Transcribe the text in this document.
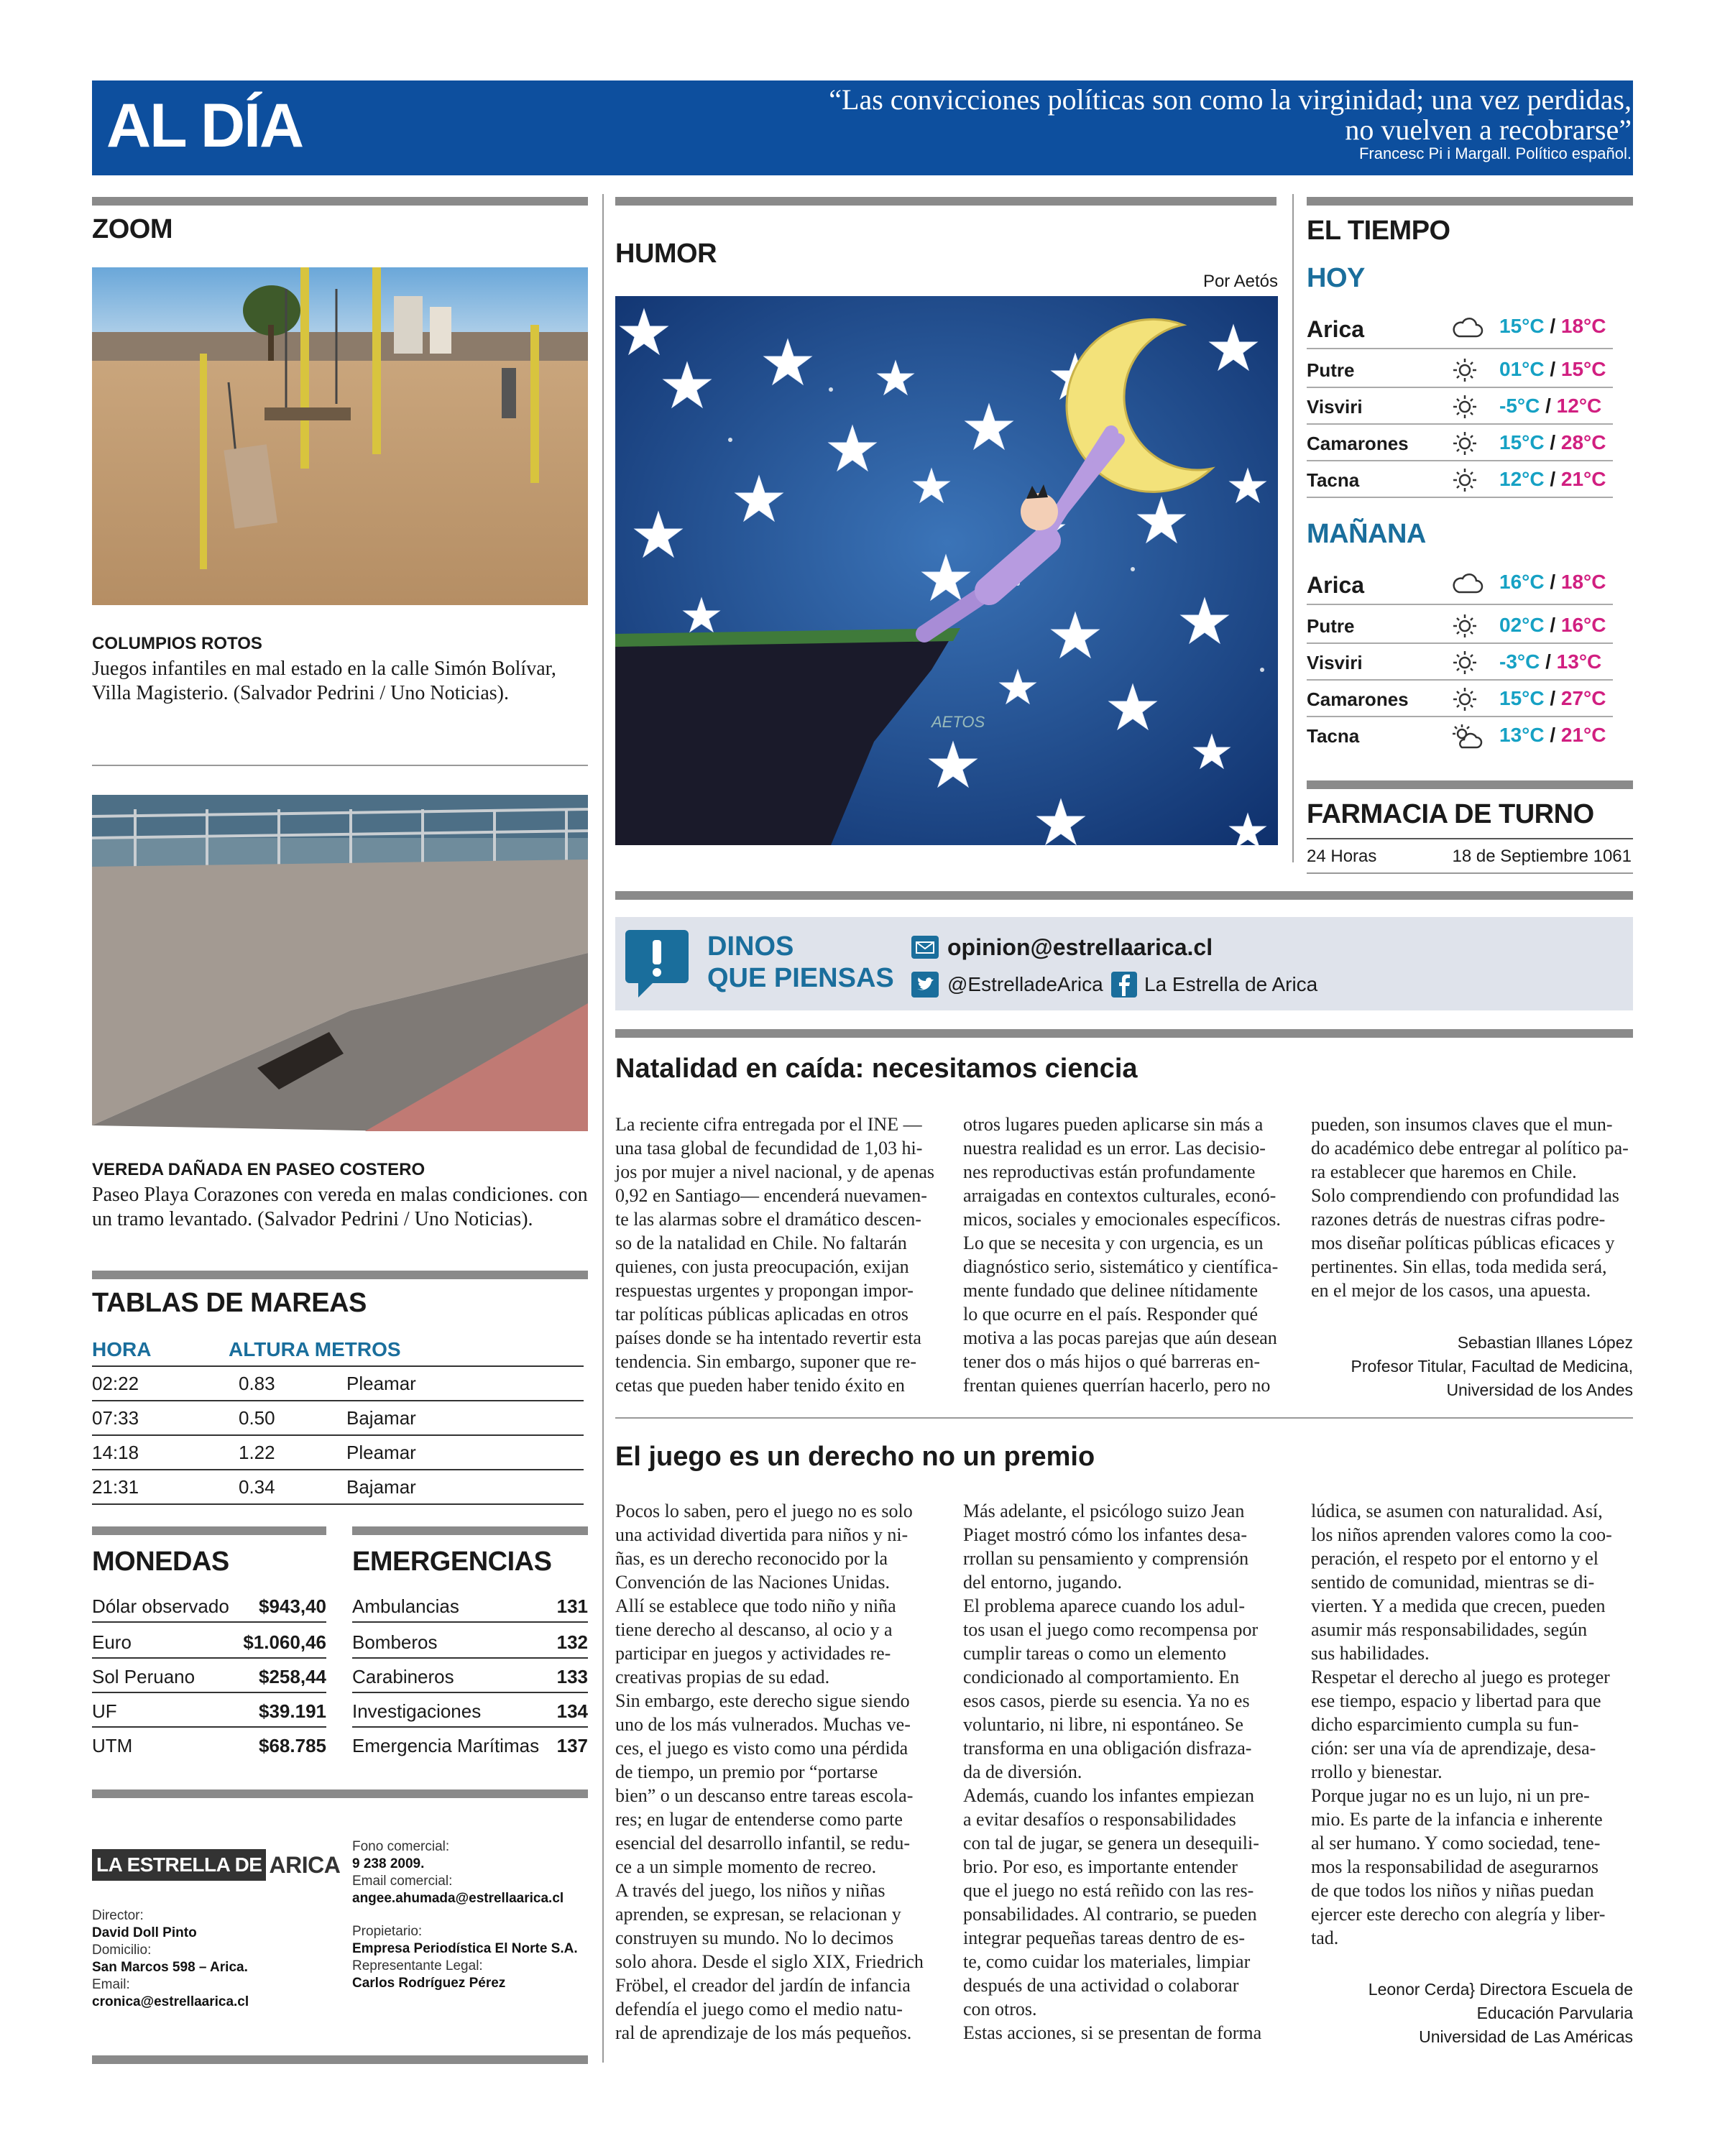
AL DÍA	“Las convicciones políticas son como la virginidad; una vez perdidas, no vuelven a recobrarse”
Francesc Pi i Margall. Político español.
ZOOM
COLUMPIOS ROTOS
Juegos infantiles en mal estado en la calle Simón Bolívar, Villa Magisterio. (Salvador Pedrini / Uno Noticias).
VEREDA DAÑADA EN PASEO COSTERO
Paseo Playa Corazones con vereda en malas condiciones. con un tramo levantado. (Salvador Pedrini / Uno Noticias).
TABLAS DE MAREAS
HORA	ALTURA METROS
02:22	0.83	Pleamar
07:33	0.50	Bajamar
14:18	1.22	Pleamar
21:31	0.34	Bajamar
MONEDAS
Dólar observado $943,40
Euro	$1.060,46
Sol Peruano	$258,44
UF	$39.191
UTM	$68.785
EMERGENCIAS
Ambulancias	131
Bomberos	132
Carabineros	133
Investigaciones	134
Emergencia Marítimas 137
LA ESTRELLA DE ARICA
Director:
David Doll Pinto
Domicilio:
San Marcos 598 – Arica.
Email:
cronica@estrellaarica.cl
Fono comercial:
9 238 2009.
Email comercial:
angee.ahumada@estrellaarica.cl
Propietario:
Empresa Periodística El Norte S.A.
Representante Legal:
Carlos Rodríguez Pérez
HUMOR
Por Aetós
AETOS
EL TIEMPO
HOY
Arica	15°C / 18°C
Putre	01°C / 15°C
Visviri	-5°C / 12°C
Camarones	15°C / 28°C
Tacna	12°C / 21°C
MAÑANA
Arica	16°C / 18°C
Putre	02°C / 16°C
Visviri	-3°C / 13°C
Camarones	15°C / 27°C
Tacna	13°C / 21°C
FARMACIA DE TURNO
24 Horas	18 de Septiembre 1061
DINOS
QUE PIENSAS
opinion@estrellaarica.cl
@EstrelladeArica La Estrella de Arica
Natalidad en caída: necesitamos ciencia
La reciente cifra entregada por el INE —
una tasa global de fecundidad de 1,03 hi-
jos por mujer a nivel nacional, y de apenas
0,92 en Santiago— encenderá nuevamen-
te las alarmas sobre el dramático descen-
so de la natalidad en Chile. No faltarán
quienes, con justa preocupación, exijan
respuestas urgentes y propongan impor-
tar políticas públicas aplicadas en otros
países donde se ha intentado revertir esta
tendencia. Sin embargo, suponer que re-
cetas que pueden haber tenido éxito en
otros lugares pueden aplicarse sin más a
nuestra realidad es un error. Las decisio-
nes reproductivas están profundamente
arraigadas en contextos culturales, econó-
micos, sociales y emocionales específicos.
Lo que se necesita y con urgencia, es un
diagnóstico serio, sistemático y científica-
mente fundado que delinee nítidamente
lo que ocurre en el país. Responder qué
motiva a las pocas parejas que aún desean
tener dos o más hijos o qué barreras en-
frentan quienes querrían hacerlo, pero no
pueden, son insumos claves que el mun-
do académico debe entregar al político pa-
ra establecer que haremos en Chile.
Solo comprendiendo con profundidad las
razones detrás de nuestras cifras podre-
mos diseñar políticas públicas eficaces y
pertinentes. Sin ellas, toda medida será,
en el mejor de los casos, una apuesta.
Sebastian Illanes López
Profesor Titular, Facultad de Medicina,
Universidad de los Andes
El juego es un derecho no un premio
Pocos lo saben, pero el juego no es solo
una actividad divertida para niños y ni-
ñas, es un derecho reconocido por la
Convención de las Naciones Unidas.
Allí se establece que todo niño y niña
tiene derecho al descanso, al ocio y a
participar en juegos y actividades re-
creativas propias de su edad.
Sin embargo, este derecho sigue siendo
uno de los más vulnerados. Muchas ve-
ces, el juego es visto como una pérdida
de tiempo, un premio por “portarse
bien” o un descanso entre tareas escola-
res; en lugar de entenderse como parte
esencial del desarrollo infantil, se redu-
ce a un simple momento de recreo.
A través del juego, los niños y niñas
aprenden, se expresan, se relacionan y
construyen su mundo. No lo decimos
solo ahora. Desde el siglo XIX, Friedrich
Fröbel, el creador del jardín de infancia
defendía el juego como el medio natu-
ral de aprendizaje de los más pequeños.
Más adelante, el psicólogo suizo Jean
Piaget mostró cómo los infantes desa-
rrollan su pensamiento y comprensión
del entorno, jugando.
El problema aparece cuando los adul-
tos usan el juego como recompensa por
cumplir tareas o como un elemento
condicionado al comportamiento. En
esos casos, pierde su esencia. Ya no es
voluntario, ni libre, ni espontáneo. Se
transforma en una obligación disfraza-
da de diversión.
Además, cuando los infantes empiezan
a evitar desafíos o responsabilidades
con tal de jugar, se genera un desequili-
brio. Por eso, es importante entender
que el juego no está reñido con las res-
ponsabilidades. Al contrario, se pueden
integrar pequeñas tareas dentro de es-
te, como cuidar los materiales, limpiar
después de una actividad o colaborar
con otros.
Estas acciones, si se presentan de forma
lúdica, se asumen con naturalidad. Así,
los niños aprenden valores como la coo-
peración, el respeto por el entorno y el
sentido de comunidad, mientras se di-
vierten. Y a medida que crecen, pueden
asumir más responsabilidades, según
sus habilidades.
Respetar el derecho al juego es proteger
ese tiempo, espacio y libertad para que
dicho esparcimiento cumpla su fun-
ción: ser una vía de aprendizaje, desa-
rrollo y bienestar.
Porque jugar no es un lujo, ni un pre-
mio. Es parte de la infancia e inherente
al ser humano. Y como sociedad, tene-
mos la responsabilidad de asegurarnos
de que todos los niños y niñas puedan
ejercer este derecho con alegría y liber-
tad.
Leonor Cerda} Directora Escuela de
Educación Parvularia
Universidad de Las Américas
